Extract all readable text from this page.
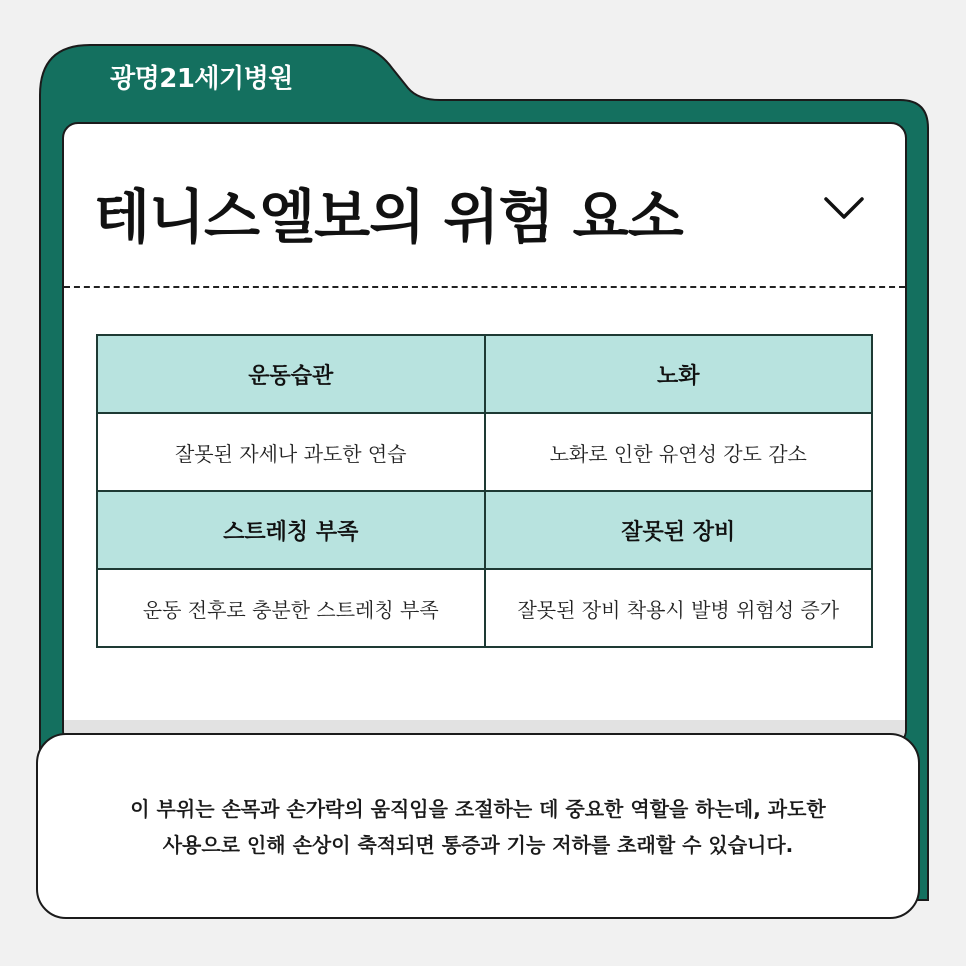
광명21세기병원
테니스엘보의 위험 요소
운동습관	노화
잘못된 자세나 과도한 연습	노화로 인한 유연성 강도 감소
스트레칭 부족	잘못된 장비
운동 전후로 충분한 스트레칭 부족	잘못된 장비 착용시 발병 위험성 증가
이 부위는 손목과 손가락의 움직임을 조절하는 데 중요한 역할을 하는데, 과도한
사용으로 인해 손상이 축적되면 통증과 기능 저하를 초래할 수 있습니다.
